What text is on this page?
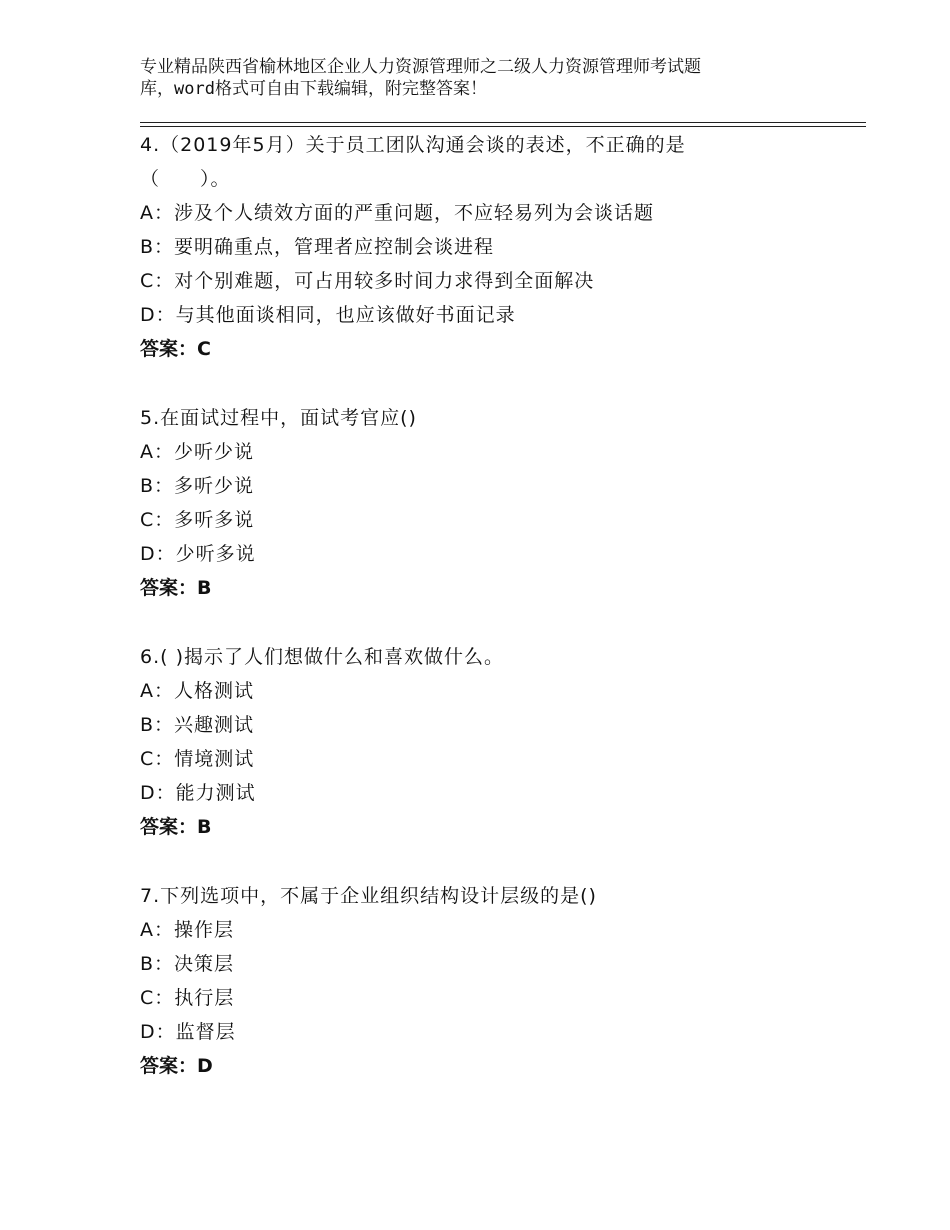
专业精品陕西省榆林地区企业人力资源管理师之二级人力资源管理师考试题
库，word格式可自由下载编辑，附完整答案！
4.（2019年5月）关于员工团队沟通会谈的表述，不正确的是
（　　）。
A：涉及个人绩效方面的严重问题，不应轻易列为会谈话题
B：要明确重点，管理者应控制会谈进程
C：对个别难题，可占用较多时间力求得到全面解决
D：与其他面谈相同，也应该做好书面记录
答案：C
5.在面试过程中，面试考官应()
A：少听少说
B：多听少说
C：多听多说
D：少听多说
答案：B
6.( )揭示了人们想做什么和喜欢做什么。
A：人格测试
B：兴趣测试
C：情境测试
D：能力测试
答案：B
7.下列选项中，不属于企业组织结构设计层级的是()
A：操作层
B：决策层
C：执行层
D：监督层
答案：D
